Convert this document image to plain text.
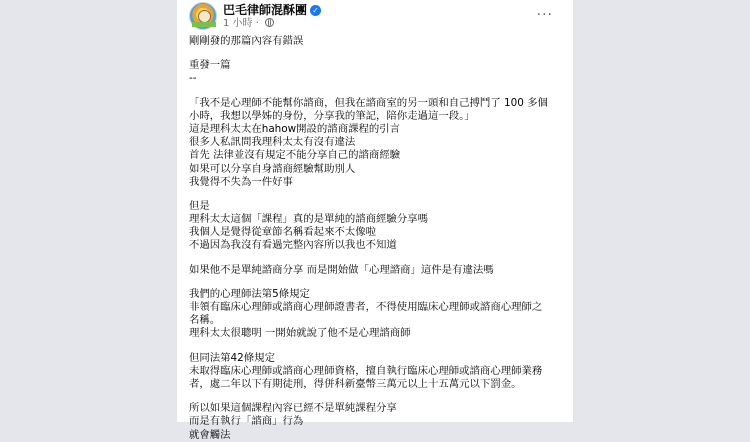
巴毛律師混酥團 ✓
1 小時 ·
···
剛剛發的那篇內容有錯誤
重發一篇
--
「我不是心理師不能幫你諮商，但我在諮商室的另一頭和自己搏鬥了 100 多個
小時，我想以學姊的身份，分享我的筆記，陪你走過這一段。」
這是理科太太在hahow開設的諮商課程的引言
很多人私訊問我理科太太有沒有違法
首先 法律並沒有規定不能分享自己的諮商經驗
如果可以分享自身諮商經驗幫助別人
我覺得不失為一件好事
但是
理科太太這個「課程」真的是單純的諮商經驗分享嗎
我個人是覺得從章節名稱看起來不太像啦
不過因為我沒有看過完整內容所以我也不知道
如果他不是單純諮商分享 而是開始做「心理諮商」這件是有違法嗎
我們的心理師法第5條規定
非領有臨床心理師或諮商心理師證書者，不得使用臨床心理師或諮商心理師之
名稱。
理科太太很聰明 一開始就說了他不是心理諮商師
但同法第42條規定
未取得臨床心理師或諮商心理師資格，擅自執行臨床心理師或諮商心理師業務
者，處二年以下有期徒刑，得併科新臺幣三萬元以上十五萬元以下罰金。
所以如果這個課程內容已經不是單純課程分享
而是有執行「諮商」行為
就會觸法
